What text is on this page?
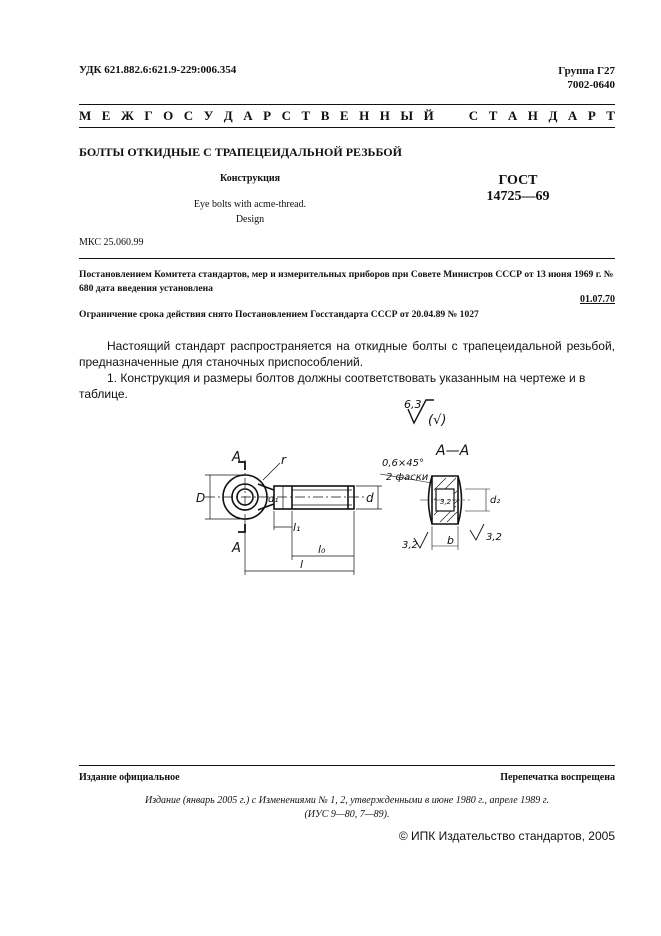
УДК 621.882.6:621.9-229:006.354	Группа Г27
7002-0640
М Е Ж Г О С У Д А Р С Т В Е Н Н Ы Й	С Т А Н Д А Р Т
БОЛТЫ ОТКИДНЫЕ С ТРАПЕЦЕИДАЛЬНОЙ РЕЗЬБОЙ
Конструкция
Eye bolts with acme-thread.
Design
ГОСТ
14725—69
МКС 25.060.99
Постановлением Комитета стандартов, мер и измерительных приборов при Совете Министров СССР от 13 июня 1969 г. № 680 дата введения установлена
01.07.70
Ограничение срока действия снято Постановлением Госстандарта СССР от 20.04.89 № 1027
Настоящий стандарт распространяется на откидные болты с трапецеидальной резьбой, предназначенные для станочных приспособлений.
1. Конструкция и размеры болтов должны соответствовать указанным на чертеже и в таблице.
6,3
(√)
А
А
r
D	d₁	d
l₁
l₀
l
А—А
0,6×45°
2 фаски
d₂
b
3,2
3,2
3,2
Издание официальное	Перепечатка воспрещена
Издание (январь 2005 г.) с Изменениями № 1, 2, утвержденными в июне 1980 г., апреле 1989 г.
(ИУС 9—80, 7—89).
© ИПК Издательство стандартов, 2005
